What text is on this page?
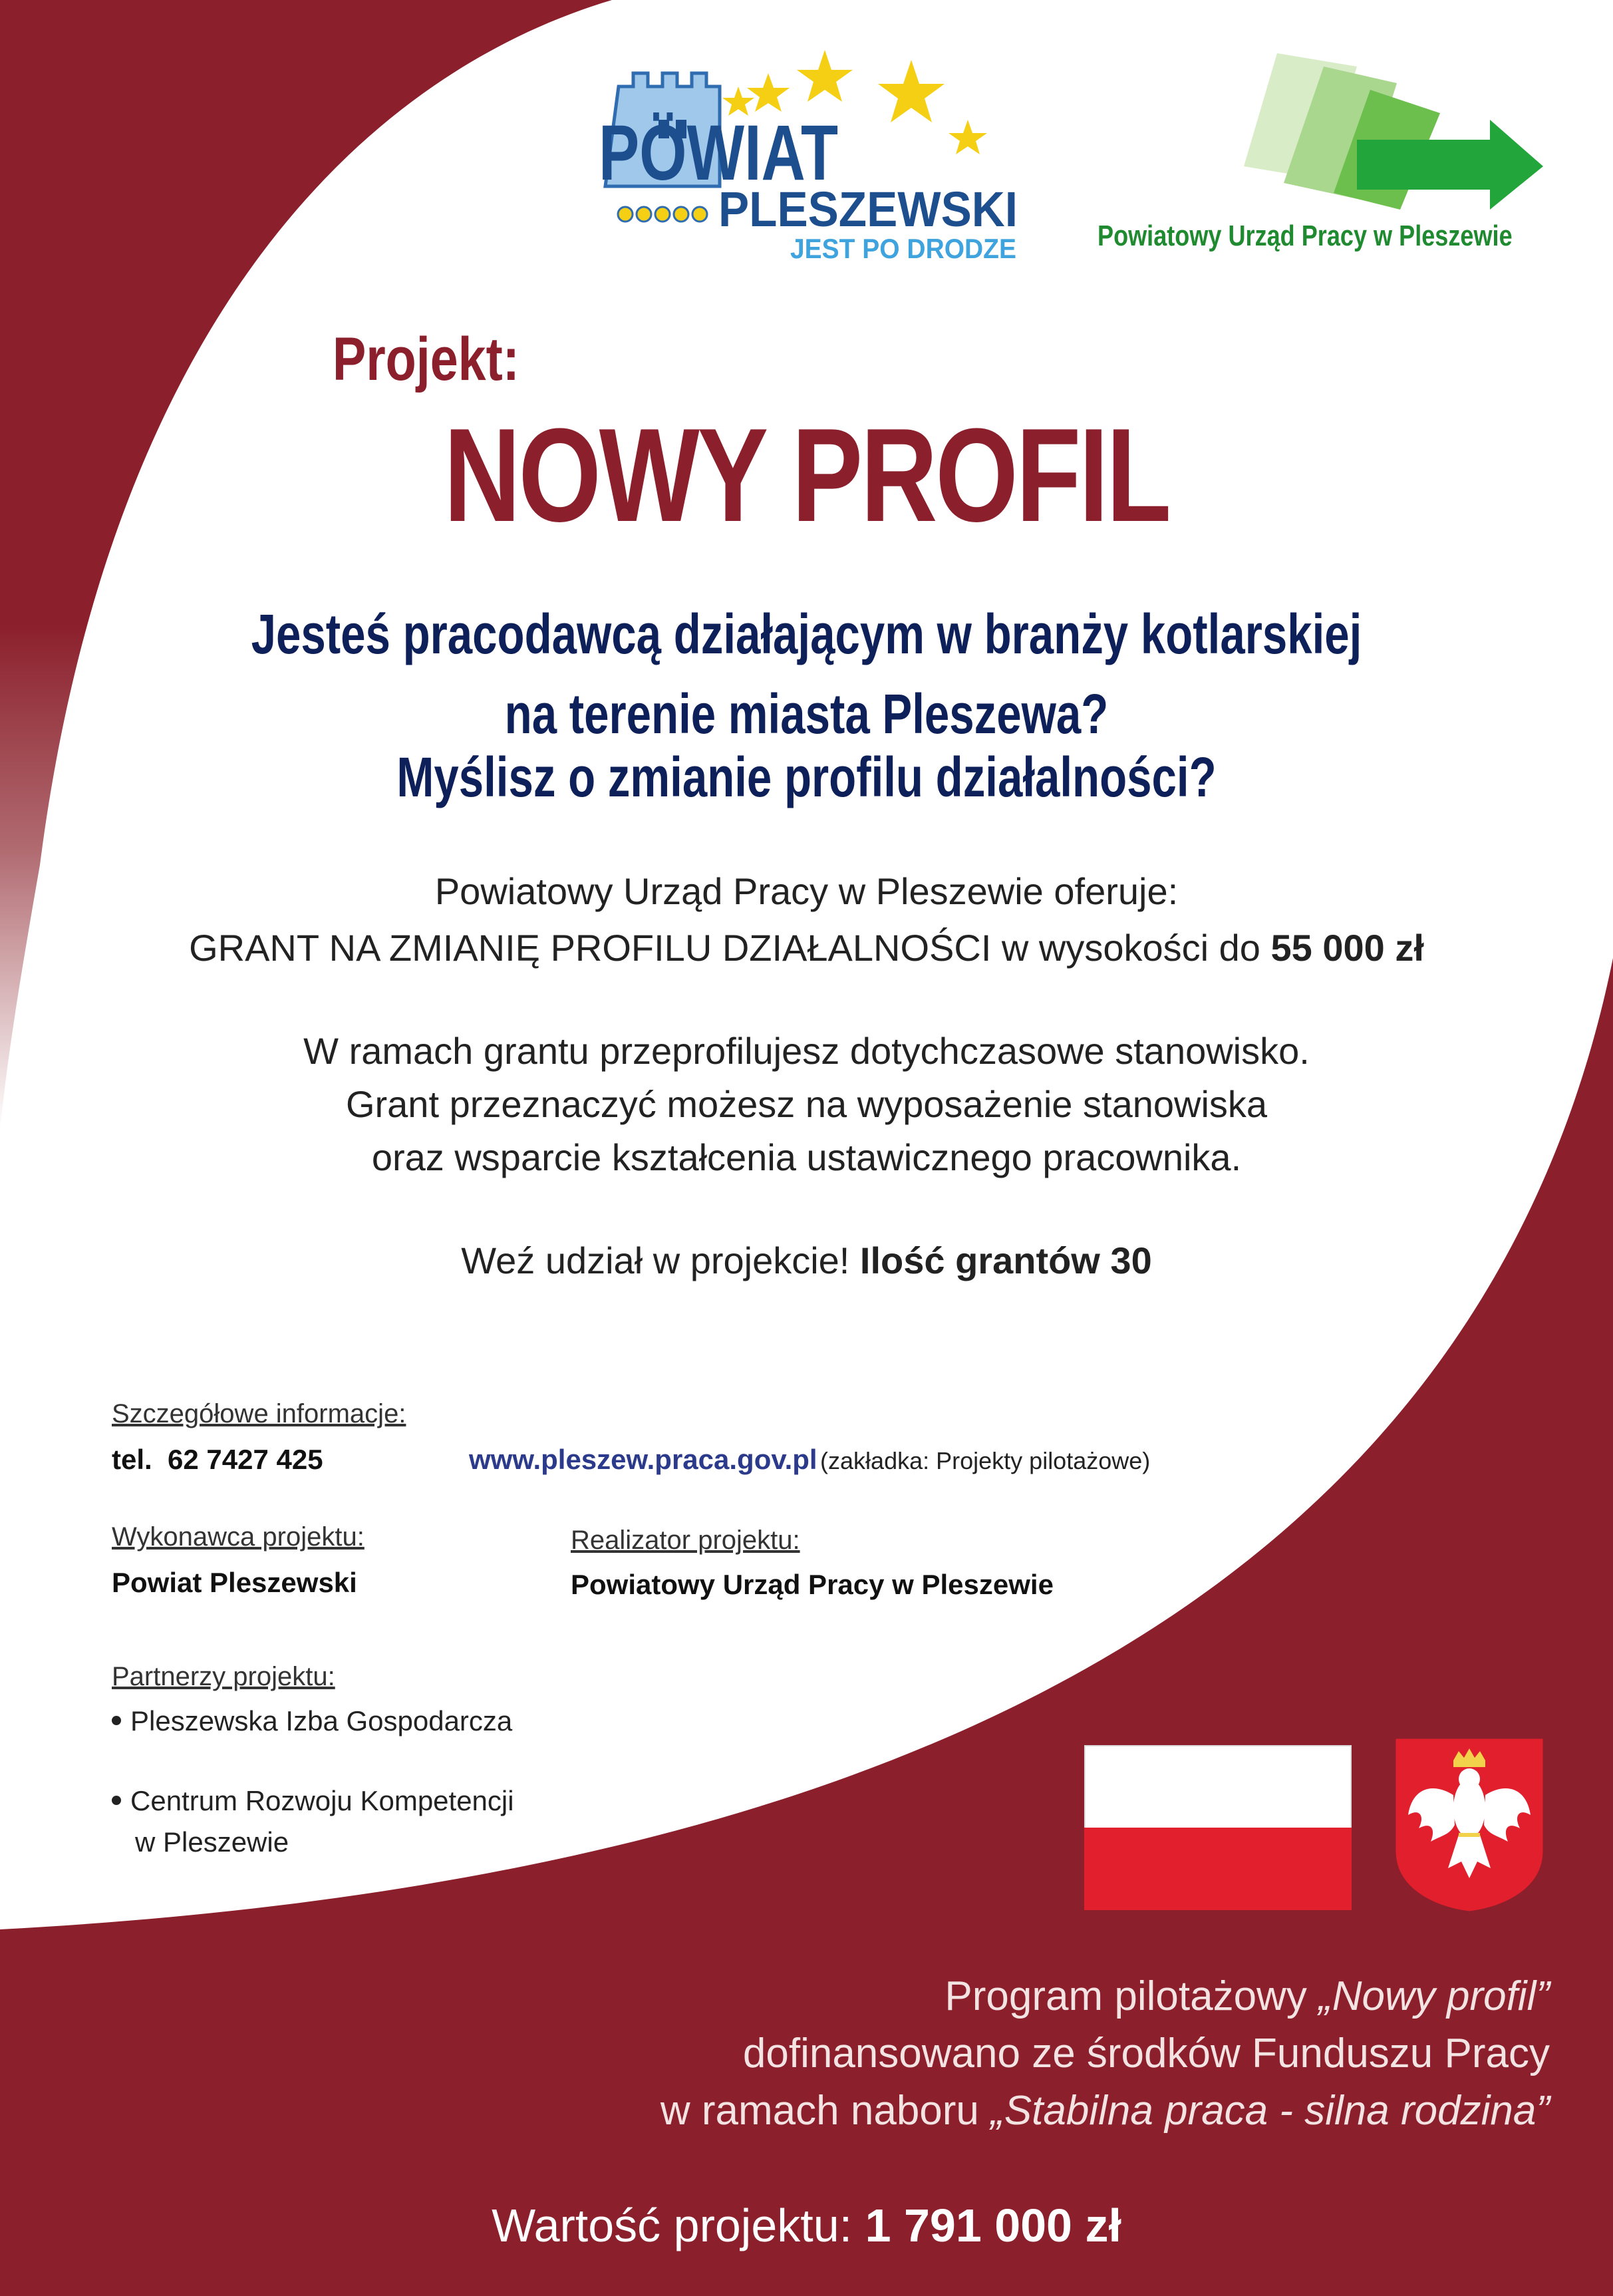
PÖWIAT
PLESZEWSKI
JEST PO DRODZE	Powiatowy Urząd Pracy w Pleszewie
Projekt:
NOWY PROFIL
Jesteś pracodawcą działającym w branży kotlarskiej
na terenie miasta Pleszewa?
Myślisz o zmianie profilu działalności?
Powiatowy Urząd Pracy w Pleszewie oferuje:
GRANT NA ZMIANIĘ PROFILU DZIAŁALNOŚCI w wysokości do 55 000 zł
W ramach grantu przeprofilujesz dotychczasowe stanowisko.
Grant przeznaczyć możesz na wyposażenie stanowiska
oraz wsparcie kształcenia ustawicznego pracownika.
Weź udział w projekcie! Ilość grantów 30
Szczegółowe informacje:
tel.  62 7427 425	www.pleszew.praca.gov.pl (zakładka: Projekty pilotażowe)
Wykonawca projektu:
Powiat Pleszewski
Realizator projektu:
Powiatowy Urząd Pracy w Pleszewie
Partnerzy projektu:
Pleszewska Izba Gospodarcza
Centrum Rozwoju Kompetencji
w Pleszewie
Program pilotażowy „Nowy profil”
dofinansowano ze środków Funduszu Pracy
w ramach naboru „Stabilna praca - silna rodzina”
Wartość projektu: 1 791 000 zł
